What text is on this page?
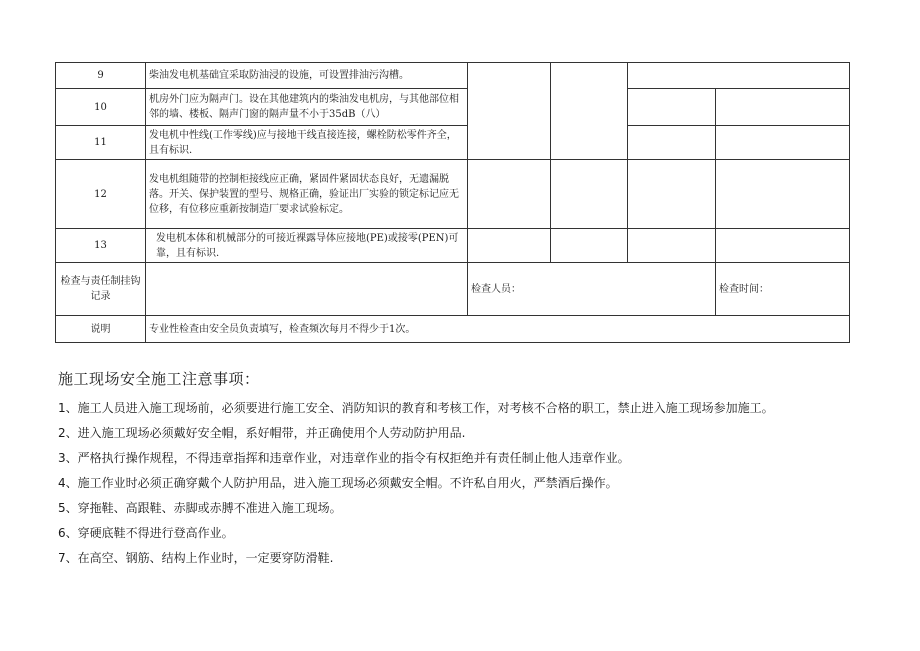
9	柴油发电机基础宜采取防油浸的设施，可设置排油污沟槽。				
10	机房外门应为隔声门。设在其他建筑内的柴油发电机房，与其他部位相邻的墙、楼板、隔声门窗的隔声量不小于35dB（八）				
11	发电机中性线(工作零线)应与接地干线直接连接，螺栓防松零件齐全，且有标识.				
12	发电机组随带的控制柜接线应正确，紧固件紧固状态良好，无遗漏脱落。开关、保护装置的型号、规格正确，验证出厂实验的锁定标记应无位移，有位移应重新按制造厂要求试验标定。				
13	发电机本体和机械部分的可接近裸露导体应接地(PE)或接零(PEN)可靠，且有标识.				
检查与责任制挂钩记录		检查人员：			检查时间：
说明	专业性检查由安全员负责填写，检查频次每月不得少于1次。				
施工现场安全施工注意事项：
1、施工人员进入施工现场前，必须要进行施工安全、消防知识的教育和考核工作，对考核不合格的职工，禁止进入施工现场参加施工。
2、进入施工现场必须戴好安全帽，系好帽带，并正确使用个人劳动防护用品.
3、严格执行操作规程，不得违章指挥和违章作业，对违章作业的指令有权拒绝并有责任制止他人违章作业。
4、施工作业时必须正确穿戴个人防护用品，进入施工现场必须戴安全帽。不许私自用火，严禁酒后操作。
5、穿拖鞋、高跟鞋、赤脚或赤膊不准进入施工现场。
6、穿硬底鞋不得进行登高作业。
7、在高空、钢筋、结构上作业时，一定要穿防滑鞋.
